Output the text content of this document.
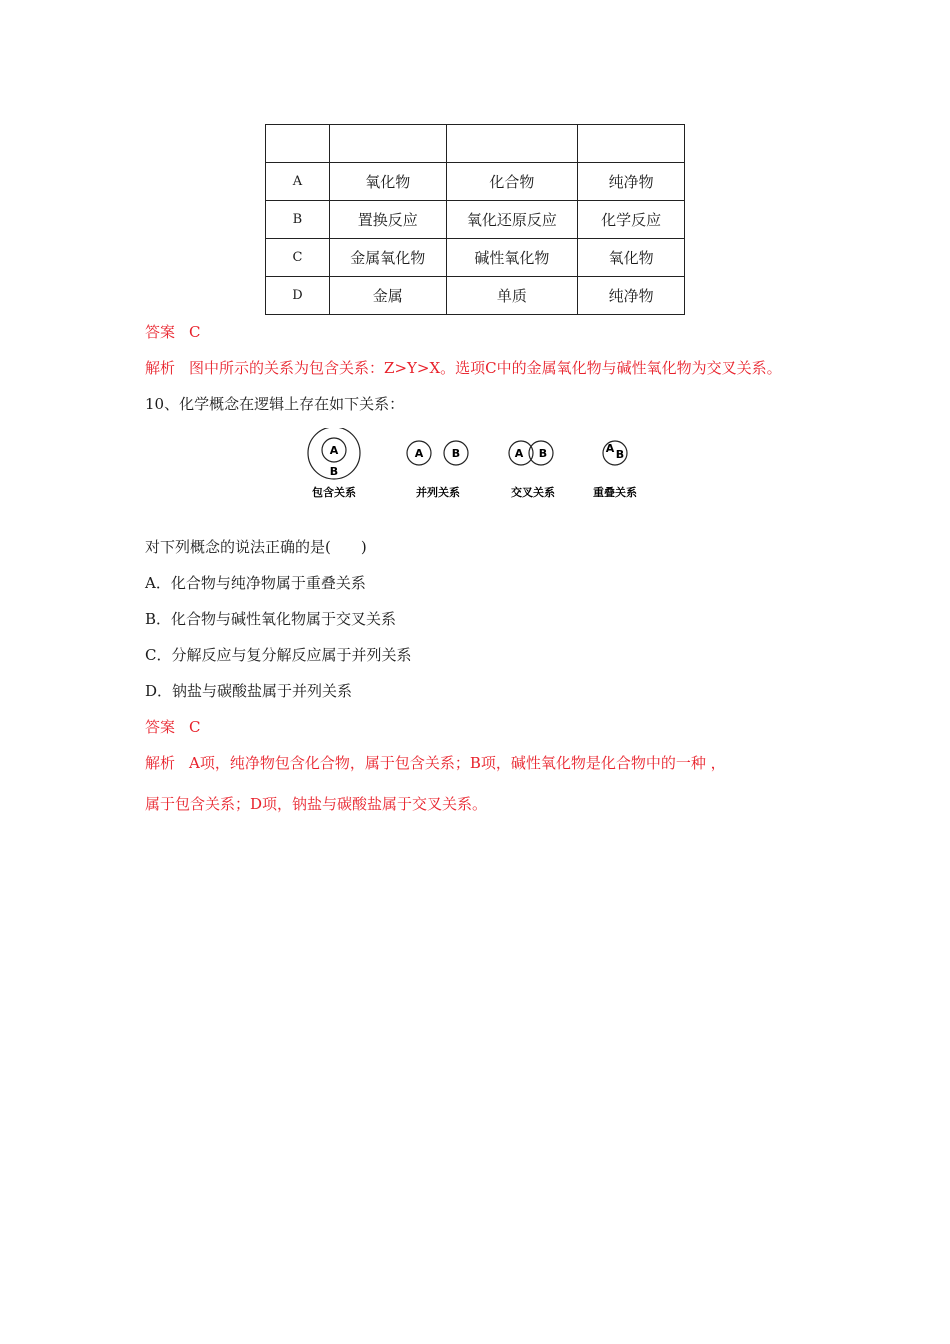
A	氧化物	化合物	纯净物
B	置换反应	氧化还原反应	化学反应
C	金属氧化物	碱性氧化物	氧化物
D	金属	单质	纯净物
答案 C
解析 图中所示的关系为包含关系：Z>Y>X。选项C中的金属氧化物与碱性氧化物为交叉关系。
10、化学概念在逻辑上存在如下关系：
A
B
包含关系
A	B
并列关系
A B
交叉关系
A B
重叠关系
对下列概念的说法正确的是(　　)
A．化合物与纯净物属于重叠关系
B．化合物与碱性氧化物属于交叉关系
C．分解反应与复分解反应属于并列关系
D．钠盐与碳酸盐属于并列关系
答案 C
解析 A项，纯净物包含化合物，属于包含关系；B项，碱性氧化物是化合物中的一种 ，
属于包含关系；D项，钠盐与碳酸盐属于交叉关系。
